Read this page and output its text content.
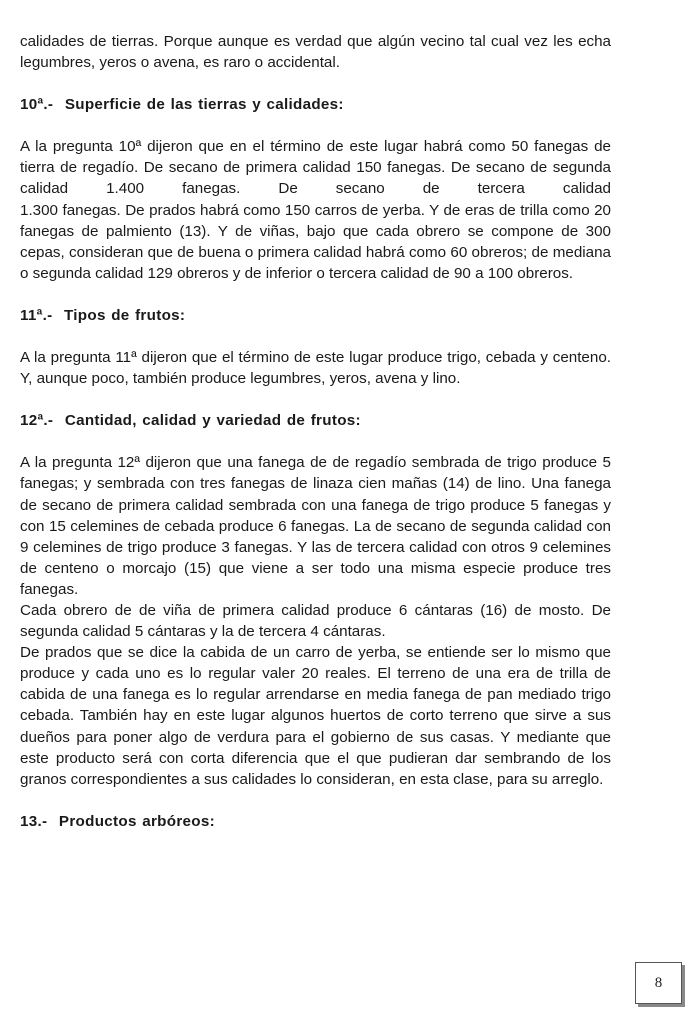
calidades de tierras. Porque aunque es verdad que algún vecino tal cual vez les echa legumbres, yeros o avena, es raro o accidental.

10ª.- Superficie de las tierras y calidades:

A la pregunta 10ª dijeron que en el término de este lugar habrá como 50 fanegas de tierra de regadío. De secano de primera calidad 150 fanegas. De secano de segunda calidad 1.400 fanegas. De secano de tercera calidad

1.300 fanegas. De prados habrá como 150 carros de yerba. Y de eras de trilla como 20 fanegas de palmiento (13). Y de viñas, bajo que cada obrero se compone de 300 cepas, consideran que de buena o primera calidad habrá como 60 obreros; de mediana o segunda calidad 129 obreros y de inferior o tercera calidad de 90 a 100 obreros.

11ª.- Tipos de frutos:

A la pregunta 11ª dijeron que el término de este lugar produce trigo, cebada y centeno. Y, aunque poco, también produce legumbres, yeros, avena y lino.

12ª.- Cantidad, calidad y variedad de frutos:

A la pregunta 12ª dijeron que una fanega de de regadío sembrada de trigo produce 5 fanegas; y sembrada con tres fanegas de linaza cien mañas (14) de lino. Una fanega de secano de primera calidad sembrada con una fanega de trigo produce 5 fanegas y con 15 celemines de cebada produce 6 fanegas. La de secano de segunda calidad con 9 celemines de trigo produce 3 fanegas. Y las de tercera calidad con otros 9 celemines de centeno o morcajo (15) que viene a ser todo una misma especie produce tres fanegas.

Cada obrero de de viña de primera calidad produce 6 cántaras (16) de mosto. De segunda calidad 5 cántaras y la de tercera 4 cántaras.

De prados que se dice la cabida de un carro de yerba, se entiende ser lo mismo que produce y cada uno es lo regular valer 20 reales. El terreno de una era de trilla de cabida de una fanega es lo regular arrendarse en media fanega de pan mediado trigo cebada. También hay en este lugar algunos huertos de corto terreno que sirve a sus dueños para poner algo de verdura para el gobierno de sus casas. Y mediante que este producto será con corta diferencia que el que pudieran dar sembrando de los granos correspondientes a sus calidades lo consideran, en esta clase, para su arreglo.

13.- Productos arbóreos:

8
